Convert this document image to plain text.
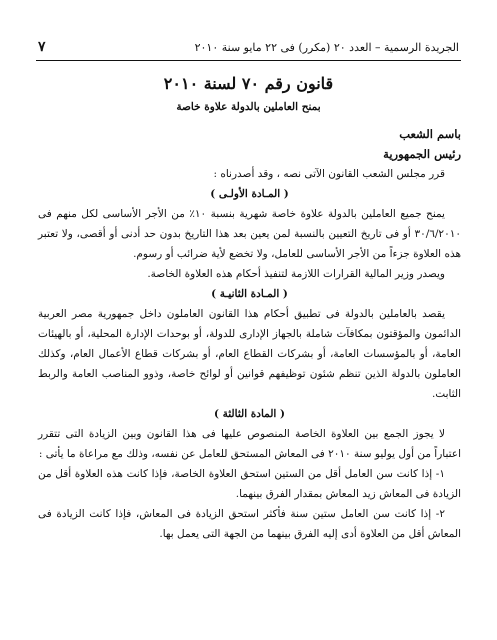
الجريدة الرسمية – العدد ٢٠ (مكرر) فى ٢٢ مايو سنة ٢٠١٠
٧
قانون رقم ٧٠ لسنة ٢٠١٠
بمنح العاملين بالدولة علاوة خاصة

باسم الشعب

رئيس الجمهورية

قرر مجلس الشعب القانون الآتى نصه ، وقد أصدرناه :

( المـادة الأولـى )

يمنح جميع العاملين بالدولة علاوة خاصة شهرية بنسبة ١٠٪ من الأجر الأساسى لكل منهم فى ٣٠/٦/٢٠١٠ أو فى تاريخ التعيين بالنسبة لمن يعين بعد هذا التاريخ بدون حد أدنى أو أقصى، ولا تعتبر هذه العلاوة جزءاً من الأجر الأساسى للعامل، ولا تخضع لأية ضرائب أو رسوم.

ويصدر وزير المالية القرارات اللازمة لتنفيذ أحكام هذه العلاوة الخاصة.

( المـادة الثانيـة )

يقصد بالعاملين بالدولة فى تطبيق أحكام هذا القانون العاملون داخل جمهورية مصر العربية الدائمون والمؤقتون بمكافآت شاملة بالجهاز الإدارى للدولة، أو بوحدات الإدارة المحلية، أو بالهيئات العامة، أو بالمؤسسات العامة، أو بشركات القطاع العام، أو بشركات قطاع الأعمال العام، وكذلك العاملون بالدولة الذين تنظم شئون توظيفهم قوانين أو لوائح خاصة، وذوو المناصب العامة والربط الثابت.

( المادة الثالثة )

لا يجوز الجمع بين العلاوة الخاصة المنصوص عليها فى هذا القانون وبين الزيادة التى تتقرر اعتباراً من أول يوليو سنة ٢٠١٠ فى المعاش المستحق للعامل عن نفسه، وذلك مع مراعاة ما يأتى :

١- إذا كانت سن العامل أقل من الستين استحق العلاوة الخاصة، فإذا كانت هذه العلاوة أقل من الزيادة فى المعاش زيد المعاش بمقدار الفرق بينهما.

٢- إذا كانت سن العامل ستين سنة فأكثر استحق الزيادة فى المعاش، فإذا كانت الزيادة فى المعاش أقل من العلاوة أدى إليه الفرق بينهما من الجهة التى يعمل بها.
